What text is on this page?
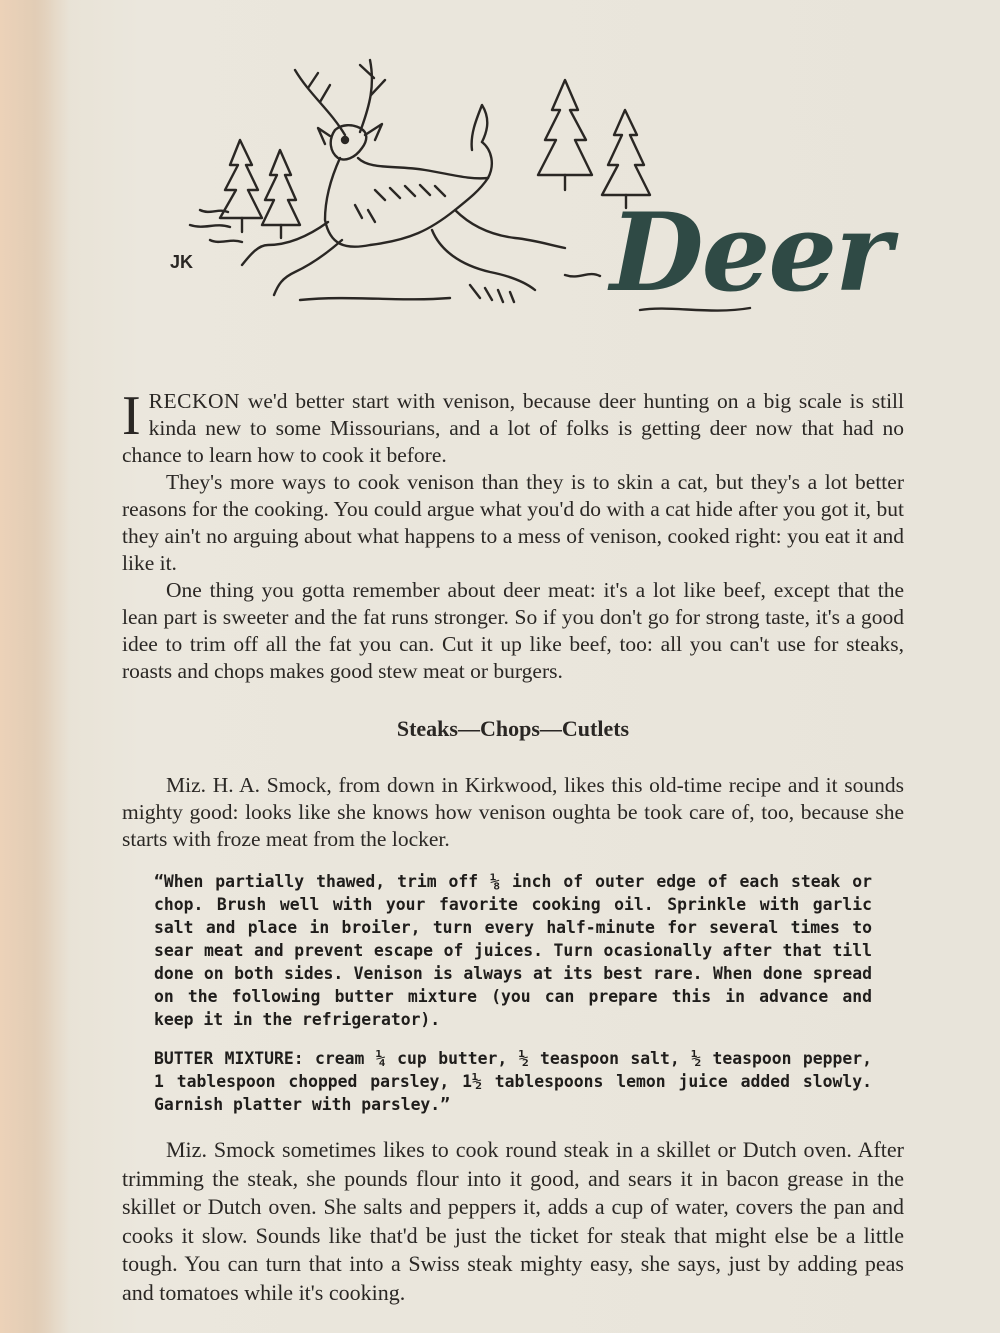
JK	Deer

IRECKON we'd better start with venison, because deer hunting on a big scale is still kinda new to some Missourians, and a lot of folks is getting deer now that had no chance to learn how to cook it before.

They's more ways to cook venison than they is to skin a cat, but they's a lot better reasons for the cooking. You could argue what you'd do with a cat hide after you got it, but they ain't no arguing about what happens to a mess of venison, cooked right: you eat it and like it.

One thing you gotta remember about deer meat: it's a lot like beef, except that the lean part is sweeter and the fat runs stronger. So if you don't go for strong taste, it's a good idee to trim off all the fat you can. Cut it up like beef, too: all you can't use for steaks, roasts and chops makes good stew meat or burgers.

Steaks—Chops—Cutlets

Miz. H. A. Smock, from down in Kirkwood, likes this old-time recipe and it sounds mighty good: looks like she knows how venison oughta be took care of, too, because she starts with froze meat from the locker.

“When partially thawed, trim off ⅛ inch of outer edge of each steak or chop. Brush well with your favorite cooking oil. Sprinkle with garlic salt and place in broiler, turn every half-minute for several times to sear meat and prevent escape of juices. Turn ocasionally after that till done on both sides. Venison is always at its best rare. When done spread on the following butter mixture (you can prepare this in advance and keep it in the refrigerator).

BUTTER MIXTURE: cream ¼ cup butter, ½ teaspoon salt, ½ teaspoon pepper, 1 tablespoon chopped parsley, 1½ tablespoons lemon juice added slowly. Garnish platter with parsley.”

Miz. Smock sometimes likes to cook round steak in a skillet or Dutch oven. After trimming the steak, she pounds flour into it good, and sears it in bacon grease in the skillet or Dutch oven. She salts and peppers it, adds a cup of water, covers the pan and cooks it slow. Sounds like that'd be just the ticket for steak that might else be a little tough. You can turn that into a Swiss steak mighty easy, she says, just by adding peas and tomatoes while it's cooking.
